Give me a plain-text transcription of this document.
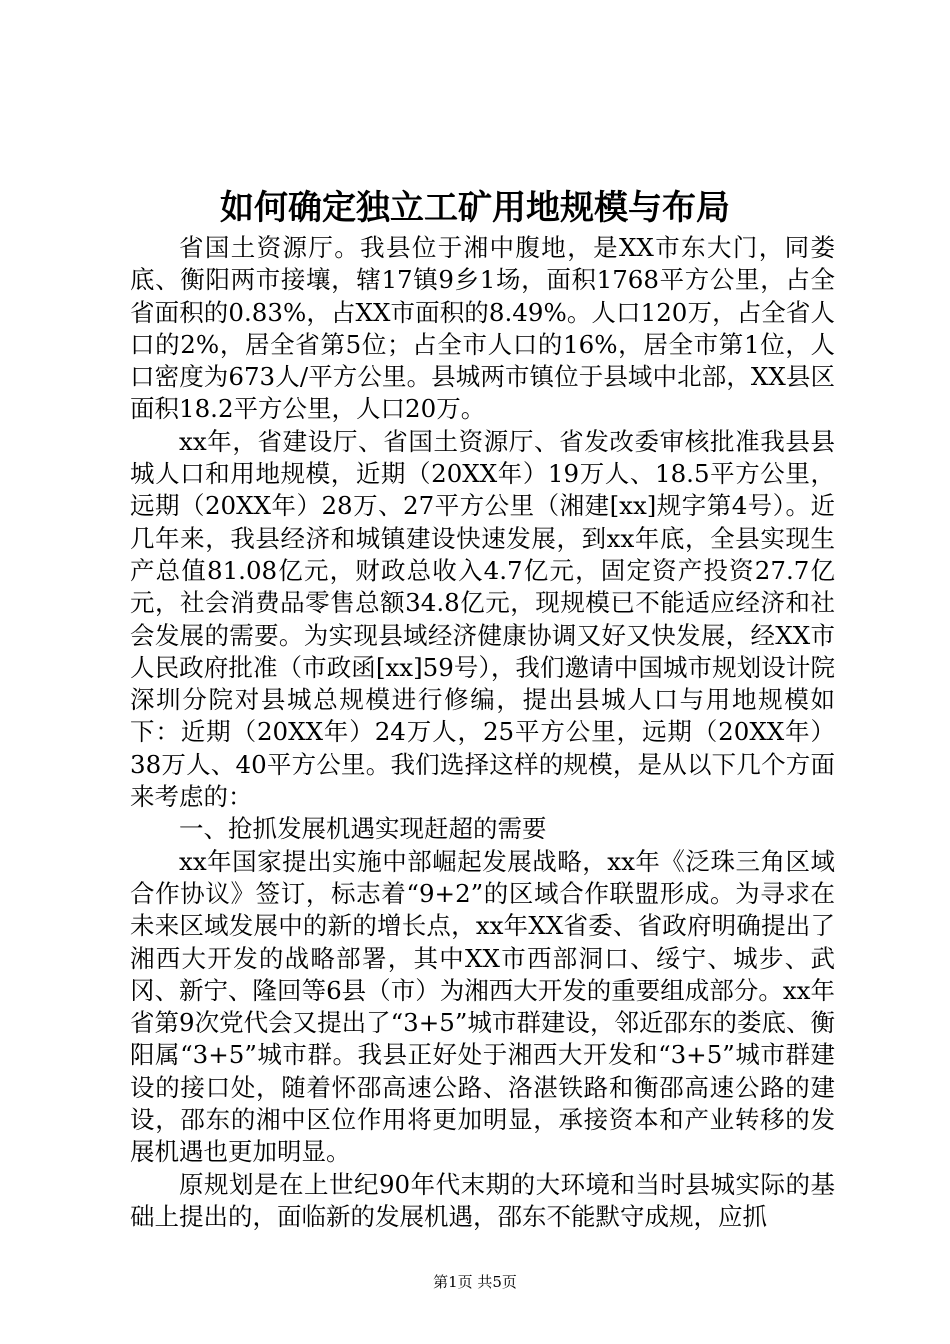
如何确定独立工矿用地规模与布局

省国土资源厅。我县位于湘中腹地，是XX市东大门，同娄底、衡阳两市接壤，辖17镇9乡1场，面积1768平方公里，占全省面积的0.83%，占XX市面积的8.49%。人口120万，占全省人口的2%，居全省第5位；占全市人口的16%，居全市第1位，人口密度为673人/平方公里。县城两市镇位于县域中北部，XX县区面积18.2平方公里，人口20万。

xx年，省建设厅、省国土资源厅、省发改委审核批准我县县城人口和用地规模，近期（20XX年）19万人、18.5平方公里，远期（20XX年）28万、27平方公里（湘建[xx]规字第4号）。近几年来，我县经济和城镇建设快速发展，到xx年底，全县实现生产总值81.08亿元，财政总收入4.7亿元，固定资产投资27.7亿元，社会消费品零售总额34.8亿元，现规模已不能适应经济和社会发展的需要。为实现县域经济健康协调又好又快发展，经XX市人民政府批准（市政函[xx]59号），我们邀请中国城市规划设计院深圳分院对县城总规模进行修编，提出县城人口与用地规模如下：近期（20XX年）24万人，25平方公里，远期（20XX年）38万人、40平方公里。我们选择这样的规模，是从以下几个方面来考虑的：

一、抢抓发展机遇实现赶超的需要

xx年国家提出实施中部崛起发展战略，xx年《泛珠三角区域合作协议》签订，标志着“9+2”的区域合作联盟形成。为寻求在未来区域发展中的新的增长点，xx年XX省委、省政府明确提出了湘西大开发的战略部署，其中XX市西部洞口、绥宁、城步、武冈、新宁、隆回等6县（市）为湘西大开发的重要组成部分。xx年省第9次党代会又提出了“3+5”城市群建设，邻近邵东的娄底、衡阳属“3+5”城市群。我县正好处于湘西大开发和“3+5”城市群建设的接口处，随着怀邵高速公路、洛湛铁路和衡邵高速公路的建设，邵东的湘中区位作用将更加明显，承接资本和产业转移的发展机遇也更加明显。

原规划是在上世纪90年代末期的大环境和当时县城实际的基础上提出的，面临新的发展机遇，邵东不能默守成规，应抓

第1页 共5页
